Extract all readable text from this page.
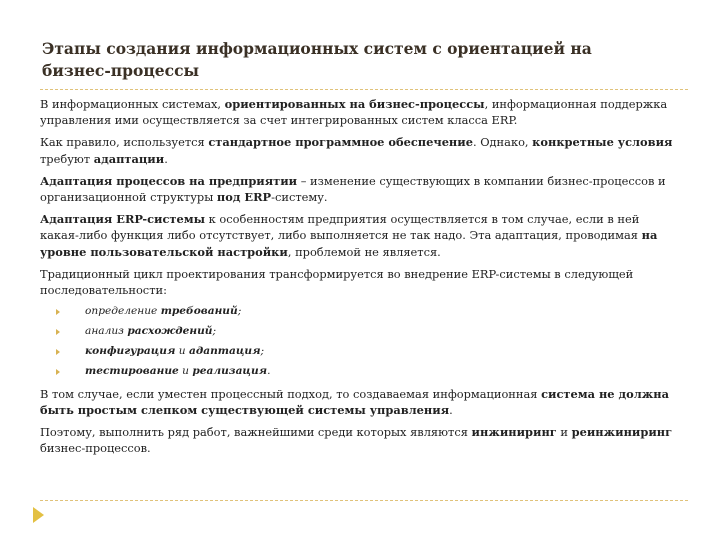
Этапы создания информационных систем с ориентацией на бизнес-процессы

В информационных системах, ориентированных на бизнес-процессы, информационная поддержка управления ими осуществляется за счет интегрированных систем класса ERP.

Как правило, используется стандартное программное обеспечение. Однако, конкретные условия требуют адаптации.

Адаптация процессов на предприятии – изменение существующих в компании бизнес-процессов и организационной структуры под ERP-систему.

Адаптация ERP-системы к особенностям предприятия осуществляется в том случае, если в ней какая-либо функция либо отсутствует, либо выполняется не так надо. Эта адаптация, проводимая на уровне пользовательской настройки, проблемой не является.

Традиционный цикл проектирования трансформируется во внедрение ERP-системы в следующей последовательности:

определение требований;
анализ расхождений;
конфигурация и адаптация;
тестирование и реализация.

В том случае, если уместен процессный подход, то создаваемая информационная система не должна быть простым слепком существующей системы управления.

Поэтому, выполнить ряд работ, важнейшими среди которых являются инжиниринг и реинжиниринг бизнес-процессов.
